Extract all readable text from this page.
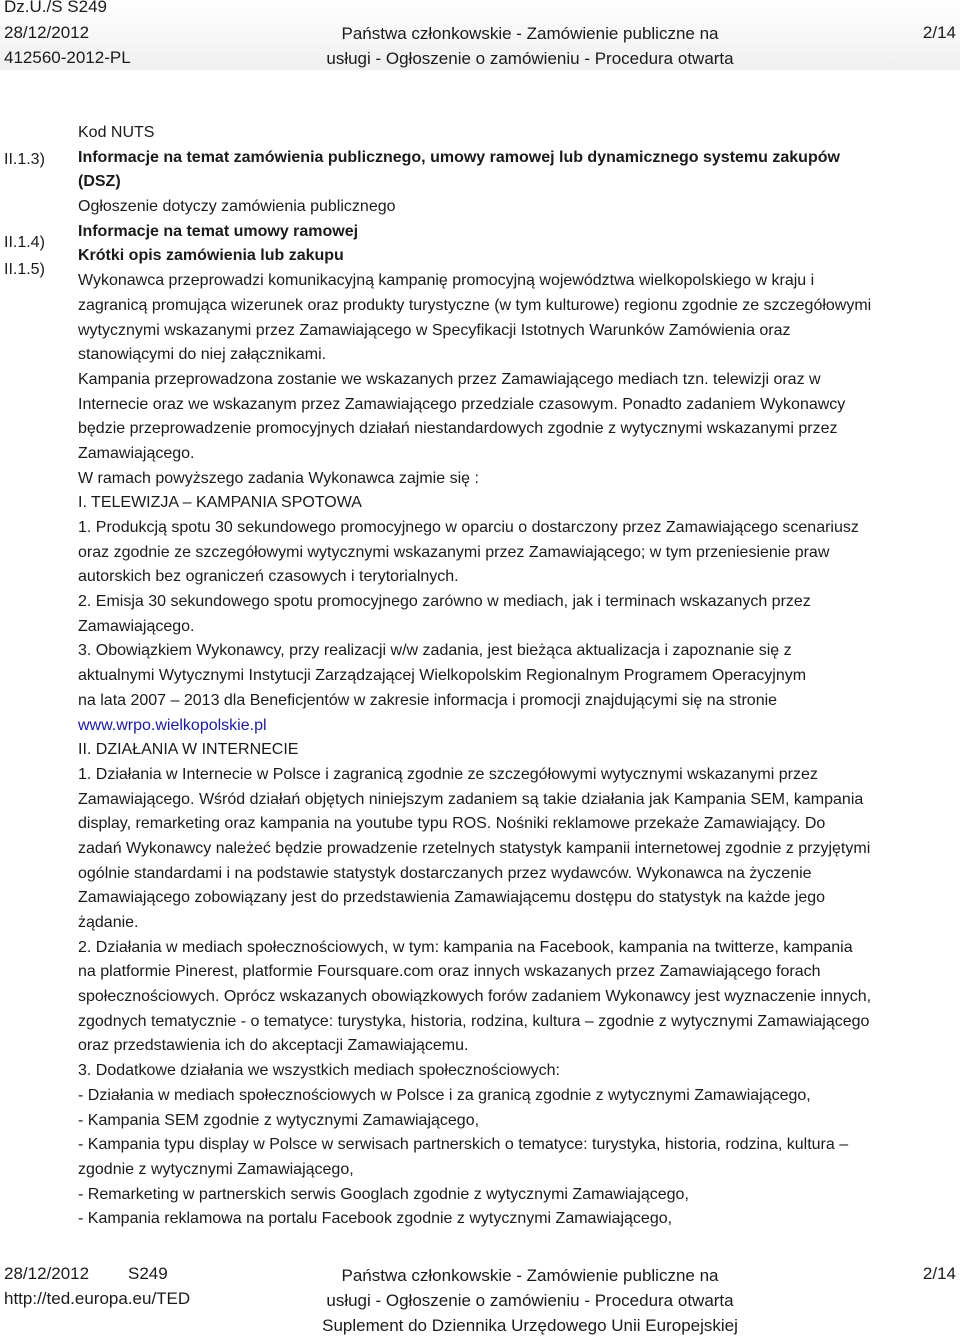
Dz.U./S S249
28/12/2012
412560-2012-PL
Państwa członkowskie - Zamówienie publiczne na
usługi - Ogłoszenie o zamówieniu - Procedura otwarta
2/14
II.1.3)
II.1.4)
II.1.5)
Kod NUTS
Informacje na temat zamówienia publicznego, umowy ramowej lub dynamicznego systemu zakupów
(DSZ)
Ogłoszenie dotyczy zamówienia publicznego
Informacje na temat umowy ramowej
Krótki opis zamówienia lub zakupu
Wykonawca przeprowadzi komunikacyjną kampanię promocyjną województwa wielkopolskiego w kraju i
zagranicą promująca wizerunek oraz produkty turystyczne (w tym kulturowe) regionu zgodnie ze szczegółowymi
wytycznymi wskazanymi przez Zamawiającego w Specyfikacji Istotnych Warunków Zamówienia oraz
stanowiącymi do niej załącznikami.
Kampania przeprowadzona zostanie we wskazanych przez Zamawiającego mediach tzn. telewizji oraz w
Internecie oraz we wskazanym przez Zamawiającego przedziale czasowym. Ponadto zadaniem Wykonawcy
będzie przeprowadzenie promocyjnych działań niestandardowych zgodnie z wytycznymi wskazanymi przez
Zamawiającego.
W ramach powyższego zadania Wykonawca zajmie się :
I. TELEWIZJA – KAMPANIA SPOTOWA
1. Produkcją spotu 30 sekundowego promocyjnego w oparciu o dostarczony przez Zamawiającego scenariusz
oraz zgodnie ze szczegółowymi wytycznymi wskazanymi przez Zamawiającego; w tym przeniesienie praw
autorskich bez ograniczeń czasowych i terytorialnych.
2. Emisja 30 sekundowego spotu promocyjnego zarówno w mediach, jak i terminach wskazanych przez
Zamawiającego.
3. Obowiązkiem Wykonawcy, przy realizacji w/w zadania, jest bieżąca aktualizacja i zapoznanie się z
aktualnymi Wytycznymi Instytucji Zarządzającej Wielkopolskim Regionalnym Programem Operacyjnym
na lata 2007 – 2013 dla Beneficjentów w zakresie informacja i promocji znajdującymi się na stronie
www.wrpo.wielkopolskie.pl
II. DZIAŁANIA W INTERNECIE
1. Działania w Internecie w Polsce i zagranicą zgodnie ze szczegółowymi wytycznymi wskazanymi przez
Zamawiającego. Wśród działań objętych niniejszym zadaniem są takie działania jak Kampania SEM, kampania
display, remarketing oraz kampania na youtube typu ROS. Nośniki reklamowe przekaże Zamawiający. Do
zadań Wykonawcy należeć będzie prowadzenie rzetelnych statystyk kampanii internetowej zgodnie z przyjętymi
ogólnie standardami i na podstawie statystyk dostarczanych przez wydawców. Wykonawca na życzenie
Zamawiającego zobowiązany jest do przedstawienia Zamawiającemu dostępu do statystyk na każde jego
żądanie.
2. Działania w mediach społecznościowych, w tym: kampania na Facebook, kampania na twitterze, kampania
na platformie Pinerest, platformie Foursquare.com oraz innych wskazanych przez Zamawiającego forach
społecznościowych. Oprócz wskazanych obowiązkowych forów zadaniem Wykonawcy jest wyznaczenie innych,
zgodnych tematycznie - o tematyce: turystyka, historia, rodzina, kultura – zgodnie z wytycznymi Zamawiającego
oraz przedstawienia ich do akceptacji Zamawiającemu.
3. Dodatkowe działania we wszystkich mediach społecznościowych:
- Działania w mediach społecznościowych w Polsce i za granicą zgodnie z wytycznymi Zamawiającego,
- Kampania SEM zgodnie z wytycznymi Zamawiającego,
- Kampania typu display w Polsce w serwisach partnerskich o tematyce: turystyka, historia, rodzina, kultura –
zgodnie z wytycznymi Zamawiającego,
- Remarketing w partnerskich serwis Googlach zgodnie z wytycznymi Zamawiającego,
- Kampania reklamowa na portalu Facebook zgodnie z wytycznymi Zamawiającego,
28/12/2012 S249
http://ted.europa.eu/TED
Państwa członkowskie - Zamówienie publiczne na
usługi - Ogłoszenie o zamówieniu - Procedura otwarta
Suplement do Dziennika Urzędowego Unii Europejskiej
2/14
